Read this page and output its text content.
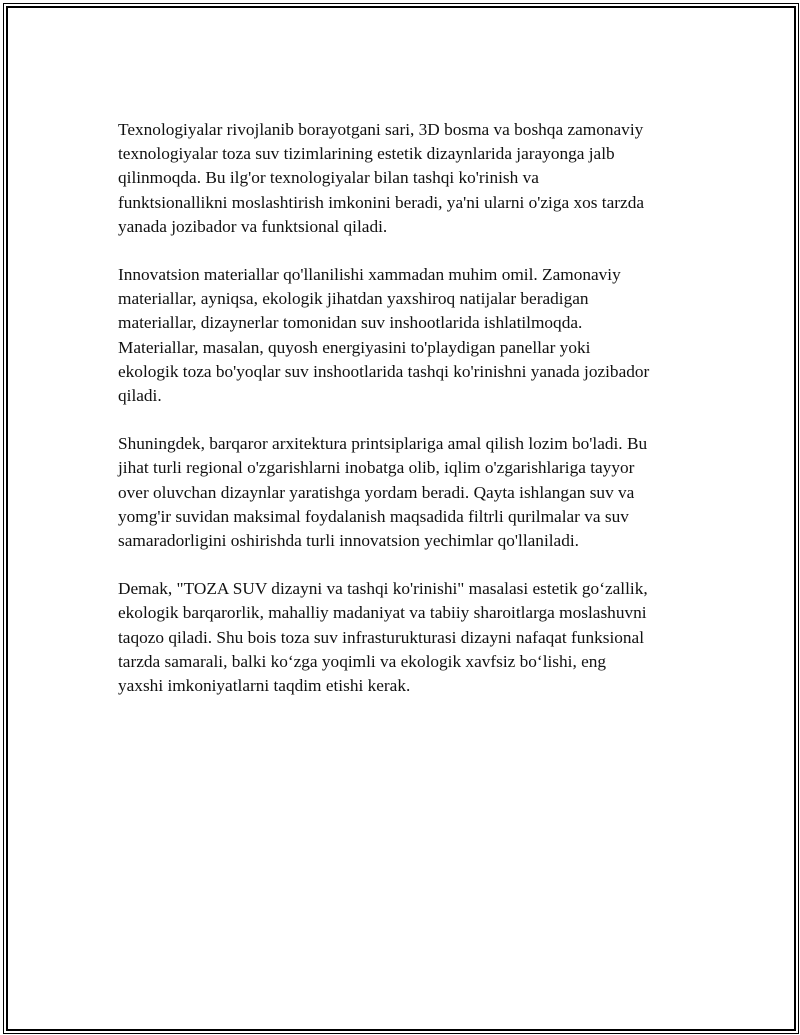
Texnologiyalar rivojlanib borayotgani sari, 3D bosma va boshqa zamonaviy
texnologiyalar toza suv tizimlarining estetik dizaynlarida jarayonga jalb
qilinmoqda. Bu ilg'or texnologiyalar bilan tashqi ko'rinish va
funktsionallikni moslashtirish imkonini beradi, ya'ni ularni o'ziga xos tarzda
yanada jozibador va funktsional qiladi.

Innovatsion materiallar qo'llanilishi xammadan muhim omil. Zamonaviy
materiallar, ayniqsa, ekologik jihatdan yaxshiroq natijalar beradigan
materiallar, dizaynerlar tomonidan suv inshootlarida ishlatilmoqda.
Materiallar, masalan, quyosh energiyasini to'playdigan panellar yoki
ekologik toza bo'yoqlar suv inshootlarida tashqi ko'rinishni yanada jozibador
qiladi.

Shuningdek, barqaror arxitektura printsiplariga amal qilish lozim bo'ladi. Bu
jihat turli regional o'zgarishlarni inobatga olib, iqlim o'zgarishlariga tayyor
over oluvchan dizaynlar yaratishga yordam beradi. Qayta ishlangan suv va
yomg'ir suvidan maksimal foydalanish maqsadida filtrli qurilmalar va suv
samaradorligini oshirishda turli innovatsion yechimlar qo'llaniladi.

Demak, "TOZA SUV dizayni va tashqi ko'rinishi" masalasi estetik go‘zallik,
ekologik barqarorlik, mahalliy madaniyat va tabiiy sharoitlarga moslashuvni
taqozo qiladi. Shu bois toza suv infrasturukturasi dizayni nafaqat funksional
tarzda samarali, balki ko‘zga yoqimli va ekologik xavfsiz bo‘lishi, eng
yaxshi imkoniyatlarni taqdim etishi kerak.
